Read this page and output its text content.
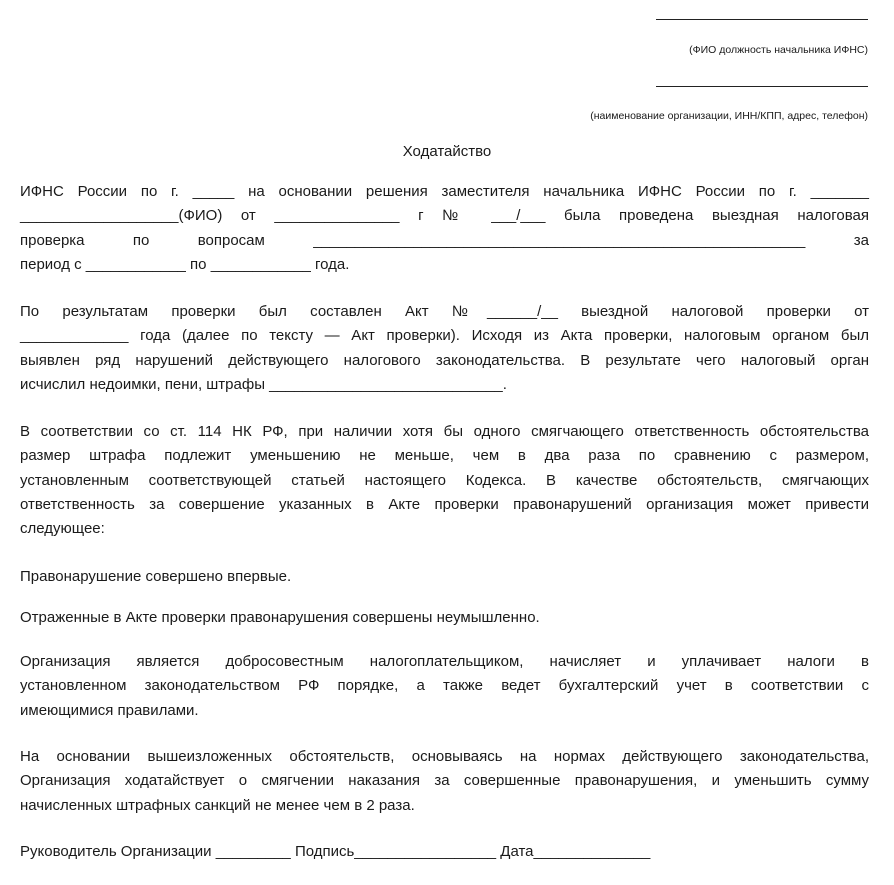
(ФИО должность начальника ИФНС)
(наименование организации, ИНН/КПП, адрес, телефон)
Ходатайство
ИФНС России по г. _____ на основании решения заместителя начальника ИФНС России по г. _______
___________________(ФИО) от _______________ г № ___/___ была проведена выездная налоговая
проверка по вопросам ___________________________________________________________ за
период с ____________ по ____________ года.
По результатам проверки был составлен Акт №______/__ выездной налоговой проверки от
_____________ года (далее по тексту — Акт проверки). Исходя из Акта проверки, налоговым органом был
выявлен ряд нарушений действующего налогового законодательства. В результате чего налоговый орган
исчислил недоимки, пени, штрафы ____________________________.
В соответствии со ст. 114 НК РФ, при наличии хотя бы одного смягчающего ответственность обстоятельства
размер штрафа подлежит уменьшению не меньше, чем в два раза по сравнению с размером,
установленным соответствующей статьей настоящего Кодекса. В качестве обстоятельств, смягчающих
ответственность за совершение указанных в Акте проверки правонарушений организация может привести
следующее:
Правонарушение совершено впервые.
Отраженные в Акте проверки правонарушения совершены неумышленно.
Организация является добросовестным налогоплательщиком, начисляет и уплачивает налоги в
установленном законодательством РФ порядке, а также ведет бухгалтерский учет в соответствии с
имеющимися правилами.
На основании вышеизложенных обстоятельств, основываясь на нормах действующего законодательства,
Организация ходатайствует о смягчении наказания за совершенные правонарушения, и уменьшить сумму
начисленных штрафных санкций не менее чем в 2 раза.
Руководитель Организации _________ Подпись_________________ Дата______________
